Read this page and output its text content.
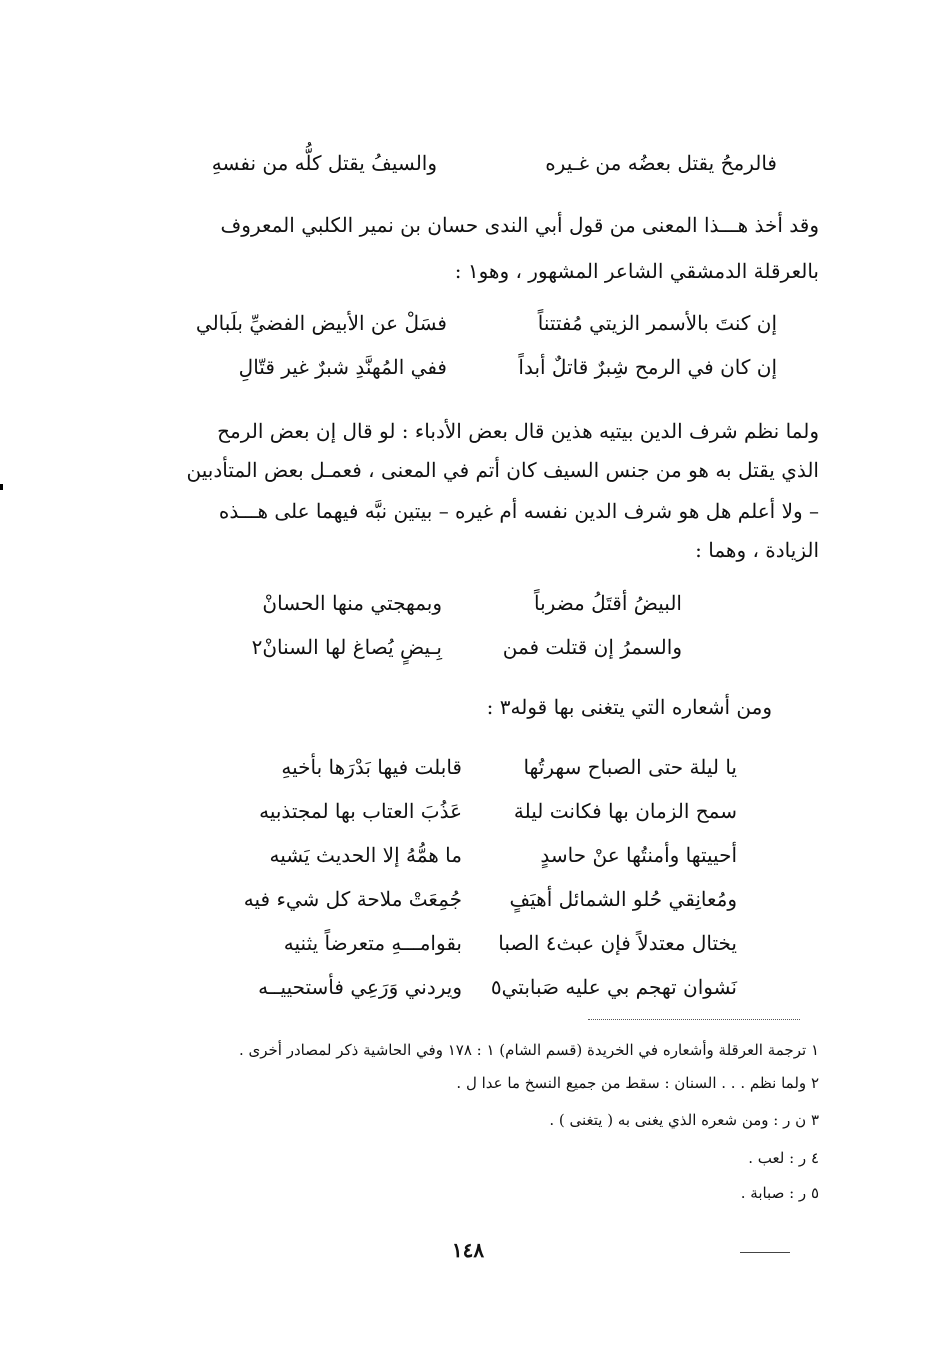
فالرمحُ يقتل بعضُه من غـيره
والسيفُ يقتل كلُّه من نفسهِ
وقد أخذ هـــذا المعنى من قول أبي الندى حسان بن نمير الكلبي المعروف
بالعرقلة الدمشقي الشاعر المشهور ، وهو١ :
إن كنتَ بالأسمر الزيتي مُفتتناً
فسَلْ عن الأبيض الفضيِّ بلَبالي
إن كان في الرمح شِبرٌ قاتلٌ أبداً
ففي المُهنَّدِ شبرٌ غير قتّالِ
ولما نظم شرف الدين بيتيه هذين قال بعض الأدباء : لو قال إن بعض الرمح
الذي يقتل به هو من جنس السيف كان أتم في المعنى ، فعمـل بعض المتأدبين
– ولا أعلم هل هو شرف الدين نفسه أم غيره – بيتين نبَّه فيهما على هـــذه
الزيادة ، وهما :
البيضُ أقتَلُ مضرباً
وبمهجتي منها الحسانْ
والسمرُ إن قتلت فمن
بِـيضٍ يُصاغ لها السنانْ٢
ومن أشعاره التي يتغنى بها قوله٣ :
يا ليلة حتى الصباح سهرتُها
قابلت فيها بَدْرَها بأخيهِ
سمح الزمان بها فكانت ليلة
عَذُبَ العتاب بها لمجتذبيه
أحييتها وأمنتُها عنْ حاسدٍ
ما همُّهُ إلا الحديث يَشيه
ومُعانِقي حُلو الشمائل أهيَفٍ
جُمِعَتْ ملاحة كل شيء فيه
يختال معتدلاً فإن عبث٤ الصبا
بقوامـــهِ متعرضاً يثنيه
نَشوان تهجم بي عليه صَبابتي٥
ويردني وَرَعِي فأستحييــه
١ ترجمة العرقلة وأشعاره في الخريدة (قسم الشام) ١ : ١٧٨ وفي الحاشية ذكر لمصادر أخرى .
٢ ولما نظم . . . السنان : سقط من جميع النسخ ما عدا ل .
٣ ن ر : ومن شعره الذي يغنى به ( يتغنى ) .
٤ ر : لعب .
٥ ر : صبابة .
١٤٨
